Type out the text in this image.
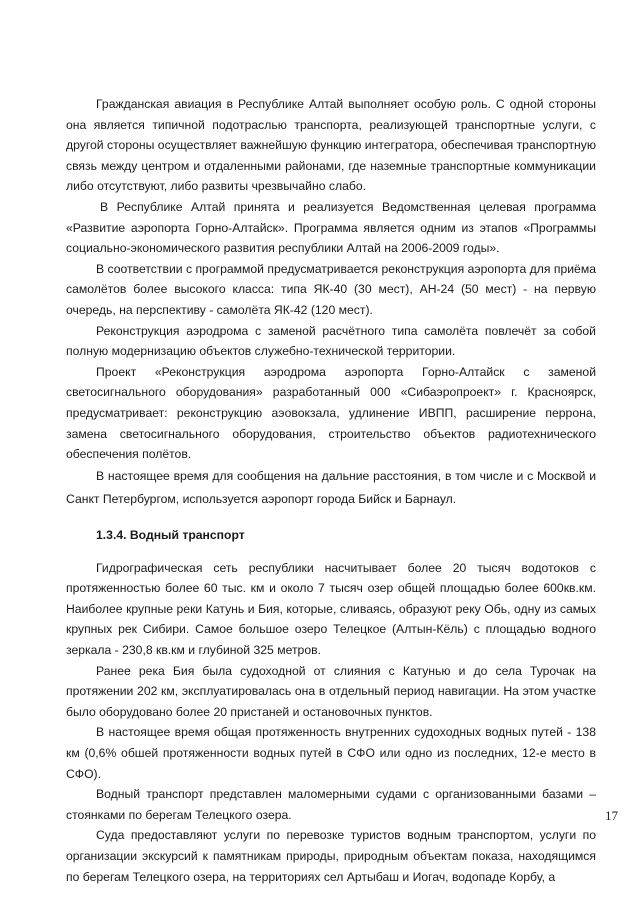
Гражданская авиация в Республике Алтай выполняет особую роль. С одной стороны она является типичной подотраслью транспорта, реализующей транспортные услуги, с другой стороны осуществляет важнейшую функцию интегратора, обеспечивая транспортную связь между центром и отдаленными районами, где наземные транспортные коммуникации либо отсутствуют, либо развиты чрезвычайно слабо.

В Республике Алтай принята и реализуется Ведомственная целевая программа «Развитие аэропорта Горно-Алтайск». Программа является одним из этапов «Программы социально-экономического развития республики Алтай на 2006-2009 годы».

В соответствии с программой предусматривается реконструкция аэропорта для приёма самолётов более высокого класса: типа ЯК-40 (30 мест), АН-24 (50 мест) - на первую очередь, на перспективу - самолёта ЯК-42 (120 мест).

Реконструкция аэродрома с заменой расчётного типа самолёта повлечёт за собой полную модернизацию объектов служебно-технической территории.

Проект «Реконструкция аэродрома аэропорта Горно-Алтайск с заменой светосигнального оборудования» разработанный 000 «Сибаэропроект» г. Красноярск, предусматривает: реконструкцию аэовокзала, удлинение ИВПП, расширение перрона, замена светосигнального оборудования, строительство объектов радиотехнического обеспечения полётов.

В настоящее время для сообщения на дальние расстояния, в том числе и с Москвой и Санкт Петербургом, используется аэропорт города Бийск и Барнаул.

1.3.4. Водный транспорт

Гидрографическая сеть республики насчитывает более 20 тысяч водотоков с протяженностью более 60 тыс. км и около 7 тысяч озер общей площадью более 600кв.км. Наиболее крупные реки Катунь и Бия, которые, сливаясь, образуют реку Обь, одну из самых крупных рек Сибири. Самое большое озеро Телецкое (Алтын-Кёль) с площадью водного зеркала - 230,8 кв.км и глубиной 325 метров.

Ранее река Бия была судоходной от слияния с Катунью и до села Турочак на протяжении 202 км, эксплуатировалась она в отдельный период навигации. На этом участке было оборудовано более 20 пристаней и остановочных пунктов.

В настоящее время общая протяженность внутренних судоходных водных путей - 138 км (0,6% обшей протяженности водных путей в СФО или одно из последних, 12-е место в СФО).

Водный транспорт представлен маломерными судами с организованными базами – стоянками по берегам Телецкого озера.

Суда предоставляют услуги по перевозке туристов водным транспортом, услуги по организации экскурсий к памятникам природы, природным объектам показа, находящимся по берегам Телецкого озера, на территориях сел Артыбаш и Иогач, водопаде Корбу, а

17
